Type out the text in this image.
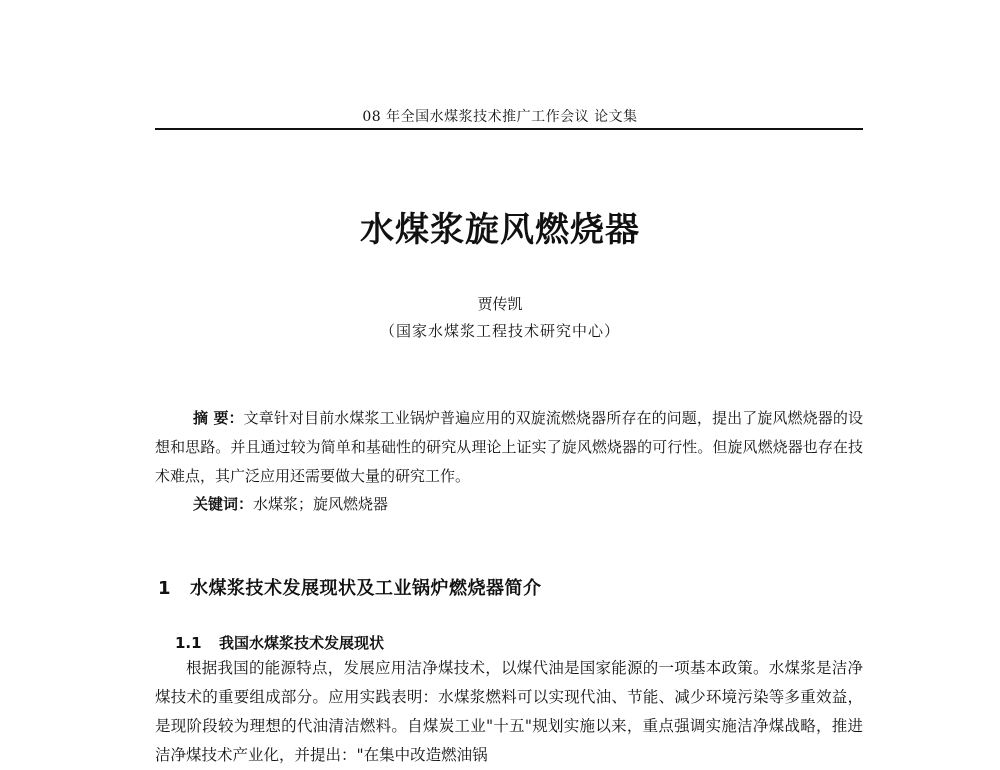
08 年全国水煤浆技术推广工作会议 论文集
水煤浆旋风燃烧器
贾传凯
（国家水煤浆工程技术研究中心）

摘 要：文章针对目前水煤浆工业锅炉普遍应用的双旋流燃烧器所存在的问题，提出了旋风燃烧器的设想和思路。并且通过较为简单和基础性的研究从理论上证实了旋风燃烧器的可行性。但旋风燃烧器也存在技术难点，其广泛应用还需要做大量的研究工作。

关键词：水煤浆；旋风燃烧器

1 水煤浆技术发展现状及工业锅炉燃烧器简介
1.1 我国水煤浆技术发展现状

根据我国的能源特点，发展应用洁净煤技术，以煤代油是国家能源的一项基本政策。水煤浆是洁净煤技术的重要组成部分。应用实践表明：水煤浆燃料可以实现代油、节能、减少环境污染等多重效益，是现阶段较为理想的代油清洁燃料。自煤炭工业"十五"规划实施以来，重点强调实施洁净煤战略，推进洁净煤技术产业化，并提出："在集中改造燃油锅
